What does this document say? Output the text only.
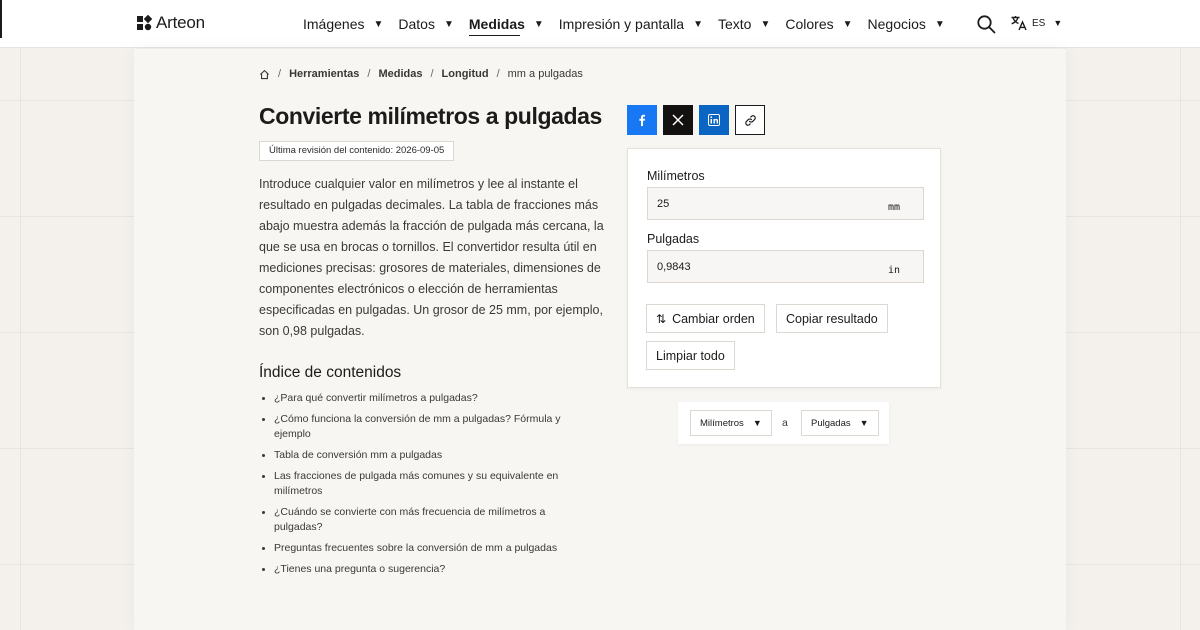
Arteon	Imágenes ▼ Datos ▼ Medidas ▼ Impresión y pantalla ▼ Texto ▼ Colores ▼ Negocios ▼	ES ▼
/ Herramientas / Medidas / Longitud / mm a pulgadas
Convierte milímetros a pulgadas
Última revisión del contenido: 2026-09-05

Introduce cualquier valor en milímetros y lee al instante el resultado en pulgadas decimales. La tabla de fracciones más abajo muestra además la fracción de pulgada más cercana, la que se usa en brocas o tornillos. El convertidor resulta útil en mediciones precisas: grosores de materiales, dimensiones de componentes electrónicos o elección de herramientas especificadas en pulgadas. Un grosor de 25 mm, por ejemplo, son 0,98 pulgadas.

Índice de contenidos
¿Para qué convertir milímetros a pulgadas?
¿Cómo funciona la conversión de mm a pulgadas? Fórmula y ejemplo
Tabla de conversión mm a pulgadas
Las fracciones de pulgada más comunes y su equivalente en milímetros
¿Cuándo se convierte con más frecuencia de milímetros a pulgadas?
Preguntas frecuentes sobre la conversión de mm a pulgadas
¿Tienes una pregunta o sugerencia?
Milímetros
25	mm
Pulgadas
0,9843	in
⇅ Cambiar orden	Copiar resultado
Limpiar todo
Milímetros ▼ a Pulgadas ▼
